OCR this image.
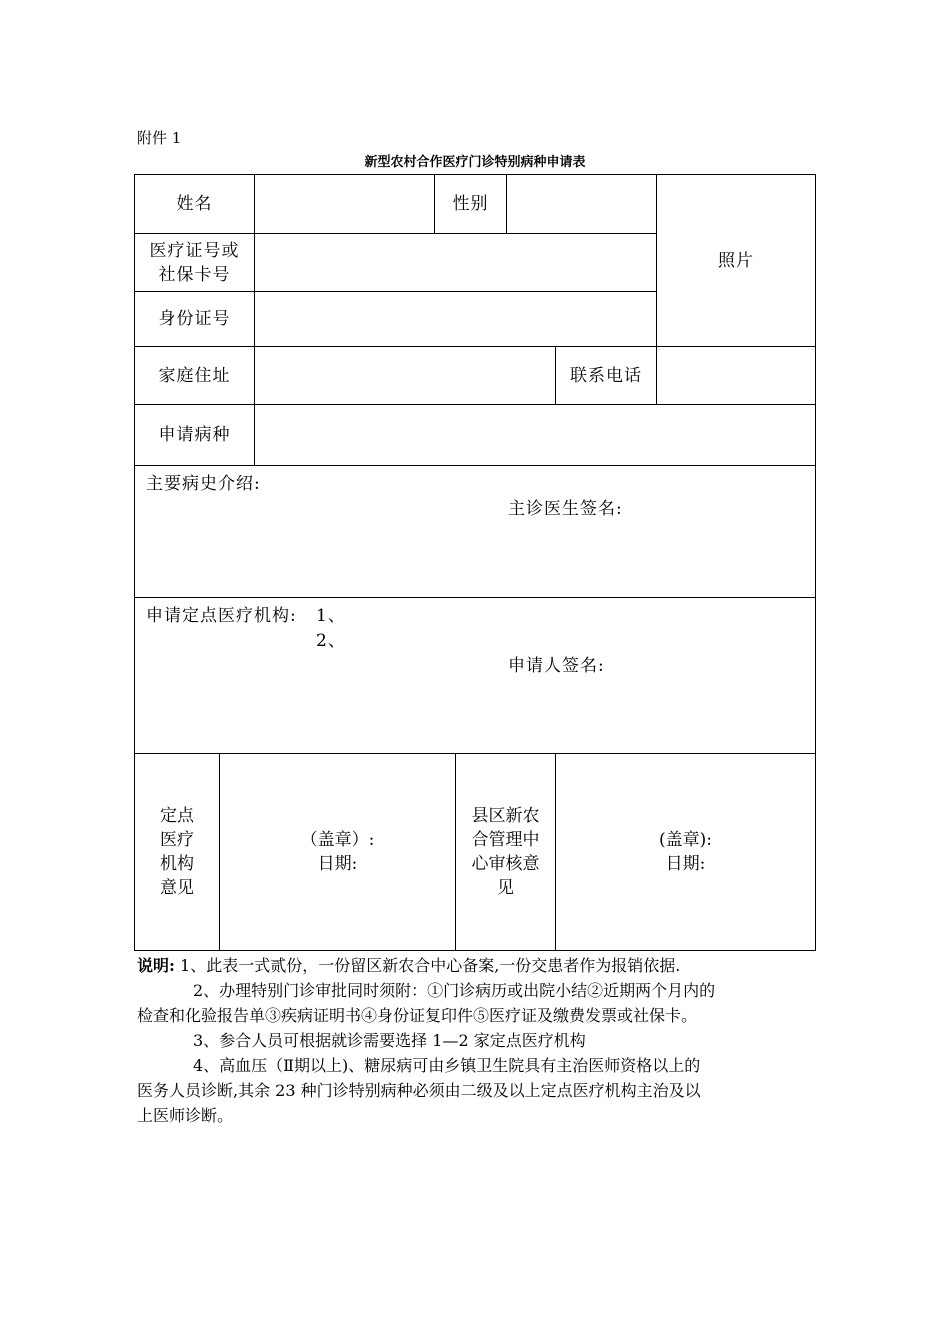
附件 1
新型农村合作医疗门诊特别病种申请表
姓名	性别
照片
医疗证号或
社保卡号
身份证号
家庭住址	联系电话
申请病种
主要病史介绍:
主诊医生签名:
申请定点医疗机构: 1、
2、
申请人签名:
定点
医疗
机构
意见
（盖章）:
日期:
县区新农
合管理中
心审核意
见
(盖章):
日期:
说明: 1、此表一式贰份，一份留区新农合中心备案,一份交患者作为报销依据.
2、办理特别门诊审批同时须附：①门诊病历或出院小结②近期两个月内的
检查和化验报告单③疾病证明书④身份证复印件⑤医疗证及缴费发票或社保卡。
3、参合人员可根据就诊需要选择 1—2 家定点医疗机构
4、高血压（Ⅱ期以上)、糖尿病可由乡镇卫生院具有主治医师资格以上的
医务人员诊断,其余 23 种门诊特别病种必须由二级及以上定点医疗机构主治及以
上医师诊断。
